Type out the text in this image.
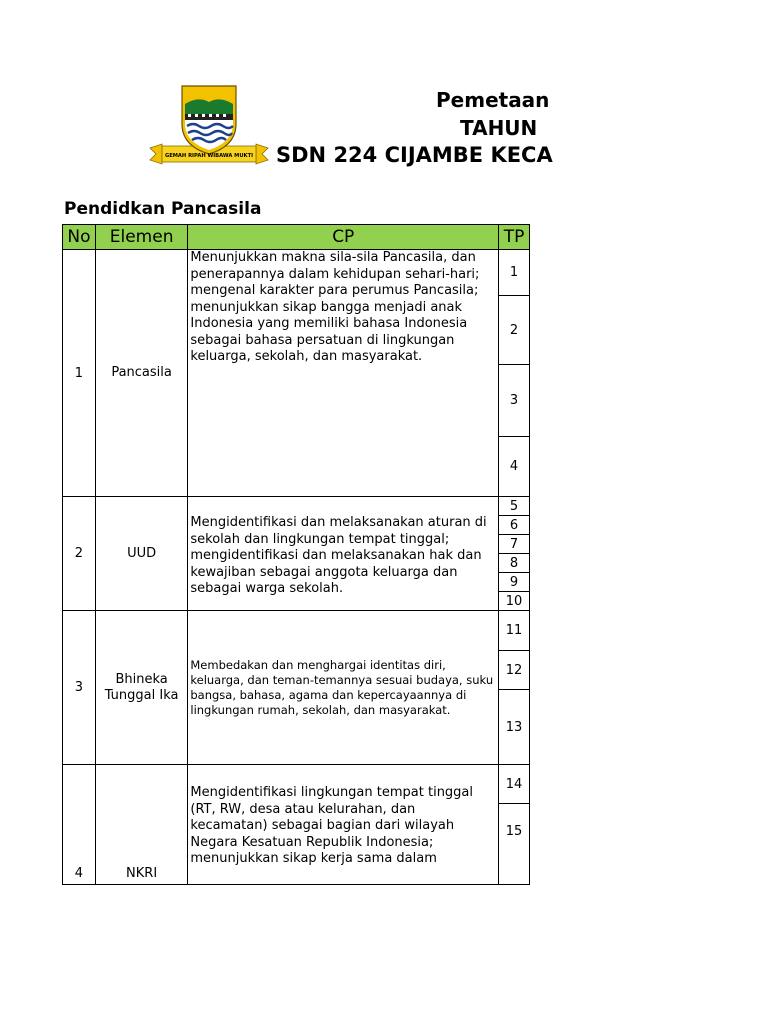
GEMAH RIPAH WIBAWA MUKTI
Pemetaan
TAHUN
SDN 224 CIJAMBE KECA
Pendidkan Pancasila
No	Elemen	CP	TP
1	Pancasila	Menunjukkan makna sila-sila Pancasila, dan penerapannya dalam kehidupan sehari-hari; mengenal karakter para perumus Pancasila; menunjukkan sikap bangga menjadi anak Indonesia yang memiliki bahasa Indonesia sebagai bahasa persatuan di lingkungan keluarga, sekolah, dan masyarakat.	1
			2
			3
			4
2	UUD	Mengidentifikasi dan melaksanakan aturan di sekolah dan lingkungan tempat tinggal; mengidentifikasi dan melaksanakan hak dan kewajiban sebagai anggota keluarga dan sebagai warga sekolah.	5
			6
			7
			8
			9
			10
3	Bhineka Tunggal Ika	Membedakan dan menghargai identitas diri, keluarga, dan teman-temannya sesuai budaya, suku bangsa, bahasa, agama dan kepercayaannya di lingkungan rumah, sekolah, dan masyarakat.	11
			12
			13

4	NKRI	Mengidentifikasi lingkungan tempat tinggal (RT, RW, desa atau kelurahan, dan kecamatan) sebagai bagian dari wilayah Negara Kesatuan Republik Indonesia; menunjukkan sikap kerja sama dalam	14
			15
